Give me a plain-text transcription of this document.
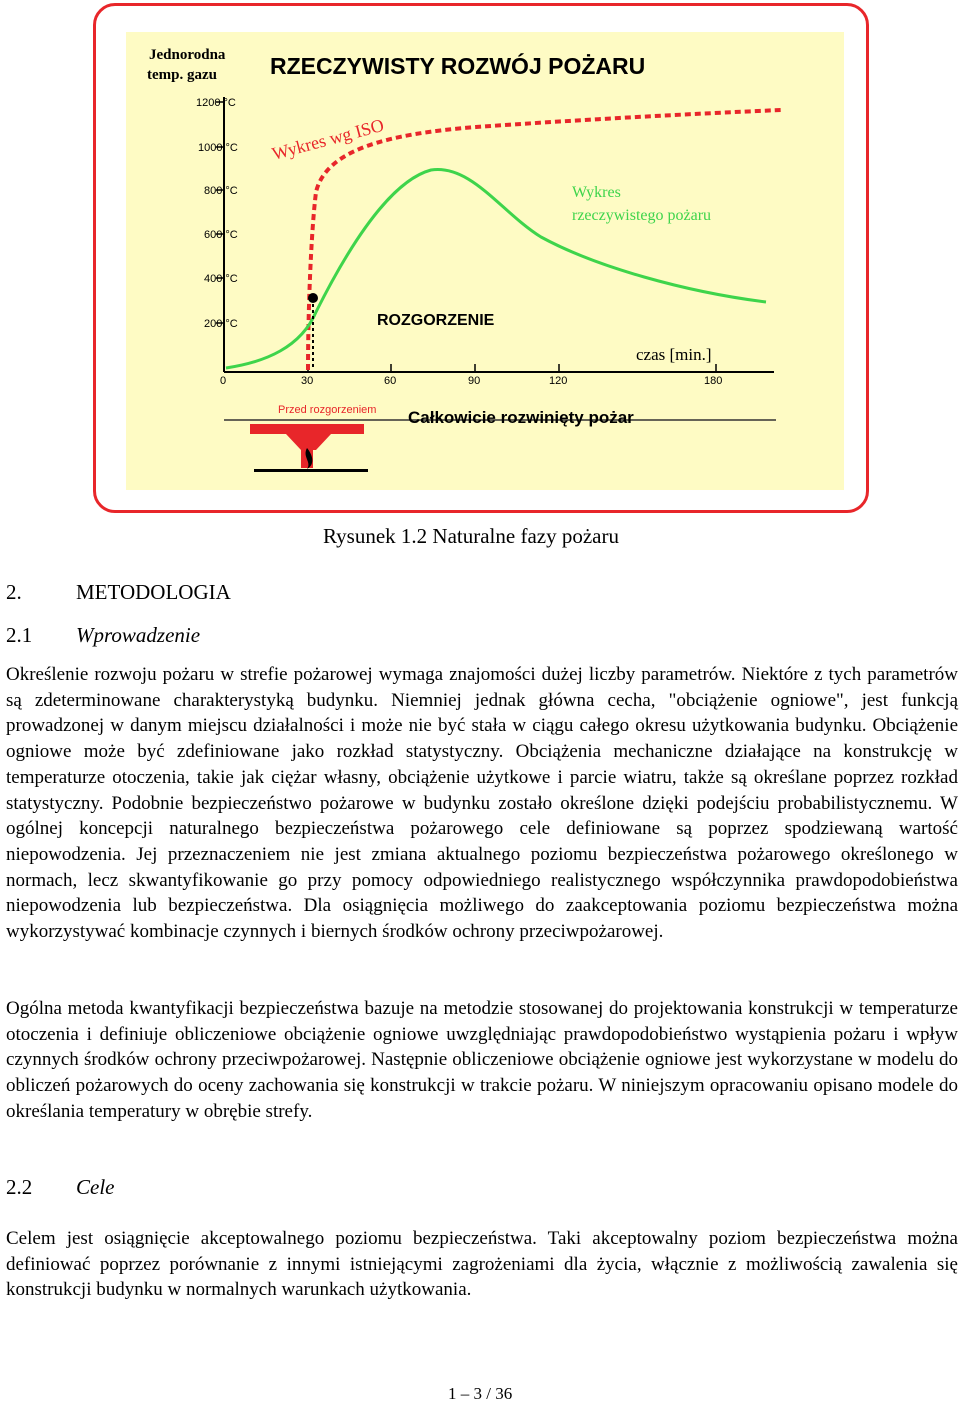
RZECZYWISTY ROZWÓJ POŻARU
Jednorodna
temp. gazu
1200 °C
1000 °C
800 °C
600 °C
400 °C
200 °C
0	30	60	90	120	180
Wykres wg ISO
Wykres
rzeczywistego pożaru
ROZGORZENIE
czas [min.]
Przed rozgorzeniem Całkowicie rozwinięty pożar
Rysunek 1.2 Naturalne fazy pożaru
2.	METODOLOGIA
2.1 Wprowadzenie

Określenie rozwoju pożaru w strefie pożarowej wymaga znajomości dużej liczby parametrów. Niektóre z tych parametrów są zdeterminowane charakterystyką budynku. Niemniej jednak główna cecha, "obciążenie ogniowe", jest funkcją prowadzonej w danym miejscu działalności i może nie być stała w ciągu całego okresu użytkowania budynku. Obciążenie ogniowe może być zdefiniowane jako rozkład statystyczny. Obciążenia mechaniczne działające na konstrukcję w temperaturze otoczenia, takie jak ciężar własny, obciążenie użytkowe i parcie wiatru, także są określane poprzez rozkład statystyczny. Podobnie bezpieczeństwo pożarowe w budynku zostało określone dzięki podejściu probabilistycznemu. W ogólnej koncepcji naturalnego bezpieczeństwa pożarowego cele definiowane są poprzez spodziewaną wartość niepowodzenia. Jej przeznaczeniem nie jest zmiana aktualnego poziomu bezpieczeństwa pożarowego określonego w normach, lecz skwantyfikowanie go przy pomocy odpowiedniego realistycznego współczynnika prawdopodobieństwa niepowodzenia lub bezpieczeństwa. Dla osiągnięcia możliwego do zaakceptowania poziomu bezpieczeństwa można wykorzystywać kombinacje czynnych i biernych środków ochrony przeciwpożarowej.

Ogólna metoda kwantyfikacji bezpieczeństwa bazuje na metodzie stosowanej do projektowania konstrukcji w temperaturze otoczenia i definiuje obliczeniowe obciążenie ogniowe uwzględniając prawdopodobieństwo wystąpienia pożaru i wpływ czynnych środków ochrony przeciwpożarowej. Następnie obliczeniowe obciążenie ogniowe jest wykorzystane w modelu do obliczeń pożarowych do oceny zachowania się konstrukcji w trakcie pożaru. W niniejszym opracowaniu opisano modele do określania temperatury w obrębie strefy.

2.2 Cele

Celem jest osiągnięcie akceptowalnego poziomu bezpieczeństwa. Taki akceptowalny poziom bezpieczeństwa można definiować poprzez porównanie z innymi istniejącymi zagrożeniami dla życia, włącznie z możliwością zawalenia się konstrukcji budynku w normalnych warunkach użytkowania.

1 – 3 / 36
